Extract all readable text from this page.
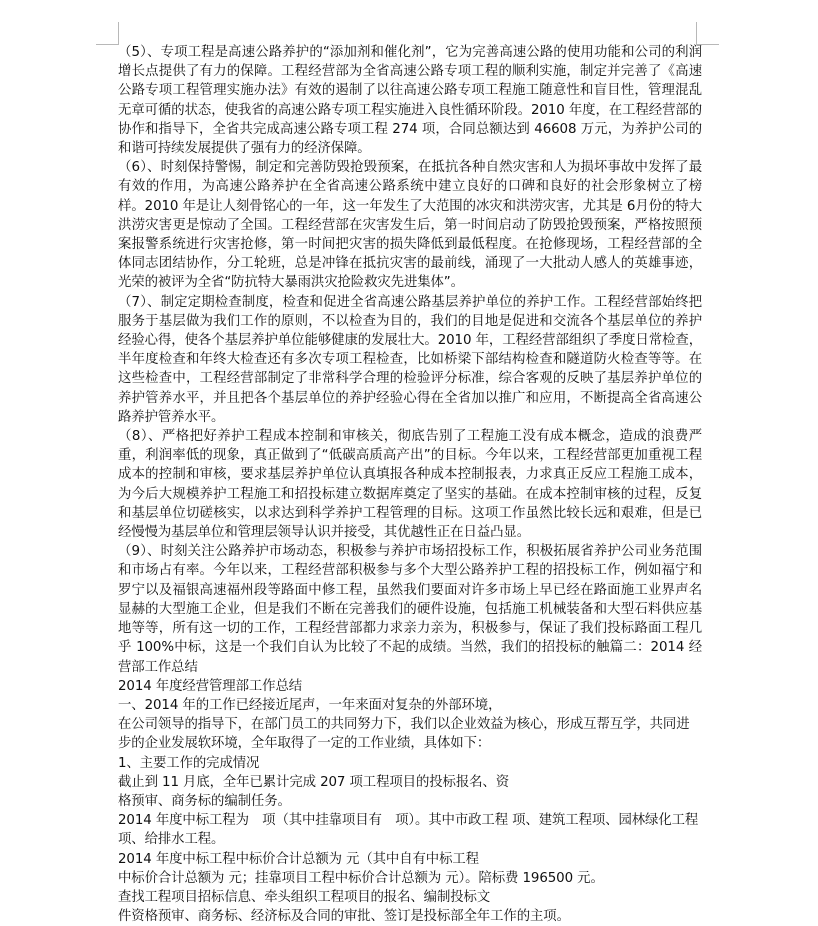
（5）、专项工程是高速公路养护的“添加剂和催化剂”，它为完善高速公路的使用功能和公司的利润增长点提供了有力的保障。工程经营部为全省高速公路专项工程的顺利实施，制定并完善了《高速公路专项工程管理实施办法》有效的遏制了以往高速公路专项工程施工随意性和盲目性，管理混乱无章可循的状态，使我省的高速公路专项工程实施进入良性循环阶段。2010 年度，在工程经营部的协作和指导下，全省共完成高速公路专项工程 274 项，合同总额达到 46608 万元，为养护公司的和谐可持续发展提供了强有力的经济保障。

（6）、时刻保持警惕，制定和完善防毁抢毁预案，在抵抗各种自然灾害和人为损坏事故中发挥了最有效的作用，为高速公路养护在全省高速公路系统中建立良好的口碑和良好的社会形象树立了榜样。2010 年是让人刻骨铭心的一年，这一年发生了大范围的冰灾和洪涝灾害，尤其是 6月份的特大洪涝灾害更是惊动了全国。工程经营部在灾害发生后，第一时间启动了防毁抢毁预案，严格按照预案报警系统进行灾害抢修，第一时间把灾害的损失降低到最低程度。在抢修现场，工程经营部的全体同志团结协作，分工轮班，总是冲锋在抵抗灾害的最前线，涌现了一大批动人感人的英雄事迹，光荣的被评为全省“防抗特大暴雨洪灾抢险救灾先进集体”。

（7）、制定定期检查制度，检查和促进全省高速公路基层养护单位的养护工作。工程经营部始终把服务于基层做为我们工作的原则，不以检查为目的，我们的目地是促进和交流各个基层单位的养护经验心得，使各个基层养护单位能够健康的发展壮大。2010 年，工程经营部组织了季度日常检查，半年度检查和年终大检查还有多次专项工程检查，比如桥梁下部结构检查和隧道防火检查等等。在这些检查中，工程经营部制定了非常科学合理的检验评分标准，综合客观的反映了基层养护单位的养护管养水平，并且把各个基层单位的养护经验心得在全省加以推广和应用，不断提高全省高速公路养护管养水平。

（8）、严格把好养护工程成本控制和审核关，彻底告别了工程施工没有成本概念，造成的浪费严重，利润率低的现象，真正做到了“低碳高质高产出”的目标。今年以来，工程经营部更加重视工程成本的控制和审核，要求基层养护单位认真填报各种成本控制报表，力求真正反应工程施工成本，为今后大规模养护工程施工和招投标建立数据库奠定了坚实的基础。在成本控制审核的过程，反复和基层单位切磋核实，以求达到科学养护工程管理的目标。这项工作虽然比较长远和艰难，但是已经慢慢为基层单位和管理层领导认识并接受，其优越性正在日益凸显。

（9）、时刻关注公路养护市场动态，积极参与养护市场招投标工作，积极拓展省养护公司业务范围和市场占有率。今年以来，工程经营部积极参与多个大型公路养护工程的招投标工作，例如福宁和罗宁以及福银高速福州段等路面中修工程，虽然我们要面对许多市场上早已经在路面施工业界声名显赫的大型施工企业，但是我们不断在完善我们的硬件设施，包括施工机械装备和大型石料供应基地等等，所有这一切的工作，工程经营部都力求亲力亲为，积极参与，保证了我们投标路面工程几乎 100%中标，这是一个我们自认为比较了不起的成绩。当然，我们的招投标的触篇二：2014 经营部工作总结

2014 年度经营管理部工作总结

一、2014 年的工作已经接近尾声，一年来面对复杂的外部环境，

在公司领导的指导下，在部门员工的共同努力下，我们以企业效益为核心，形成互帮互学，共同进步的企业发展软环境，全年取得了一定的工作业绩，具体如下：

1、主要工作的完成情况

截止到 11 月底，全年已累计完成 207 项工程项目的投标报名、资

格预审、商务标的编制任务。

2014 年度中标工程为　项（其中挂靠项目有　项）。其中市政工程 项、建筑工程项、园林绿化工程项、给排水工程。

2014 年度中标工程中标价合计总额为 元（其中自有中标工程

中标价合计总额为 元；挂靠项目工程中标价合计总额为 元）。陪标费 196500 元。

查找工程项目招标信息、牵头组织工程项目的报名、编制投标文

件资格预审、商务标、经济标及合同的审批、签订是投标部全年工作的主项。
